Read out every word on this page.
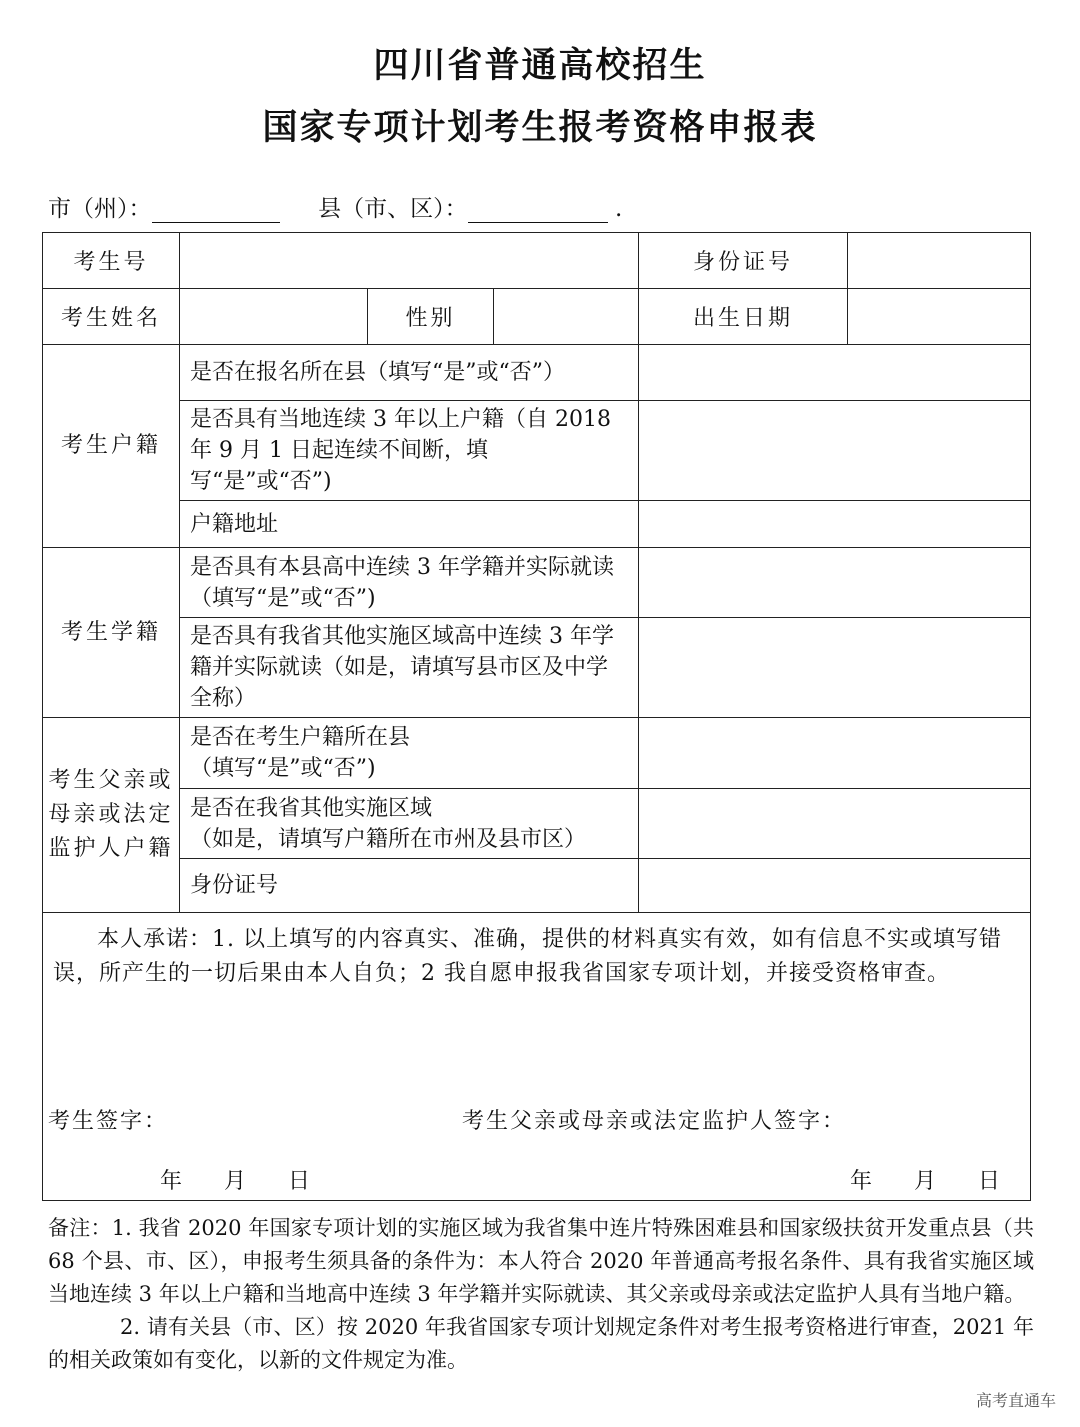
四川省普通高校招生
国家专项计划考生报考资格申报表
市（州）：	县（市、区）：	.
考生号				身份证号	
考生姓名		性别		出生日期	
考生户籍	是否在报名所在县（填写“是”或“否”）				
	是否具有当地连续 3 年以上户籍（自 2018 年 9 月 1 日起连续不间断，填写“是”或“否”)				
	户籍地址				
考生学籍	是否具有本县高中连续 3 年学籍并实际就读（填写“是”或“否”)				
	是否具有我省其他实施区域高中连续 3 年学籍并实际就读（如是，请填写县市区及中学全称）				
考生父亲或母亲或法定监护人户籍	是否在考生户籍所在县
（填写“是”或“否”)				

	是否在我省其他实施区域
（如是，请填写户籍所在市州及县市区）				

	身份证号				

本人承诺：1. 以上填写的内容真实、准确，提供的材料真实有效，如有信息不实或填写错误，所产生的一切后果由本人自负；2 我自愿申报我省国家专项计划，并接受资格审查。					
考生签字：	考生父亲或母亲或法定监护人签字：
年 月 日	年 月 日

备注：1. 我省 2020 年国家专项计划的实施区域为我省集中连片特殊困难县和国家级扶贫开发重点县（共 68 个县、市、区），申报考生须具备的条件为：本人符合 2020 年普通高考报名条件、具有我省实施区域当地连续 3 年以上户籍和当地高中连续 3 年学籍并实际就读、其父亲或母亲或法定监护人具有当地户籍。

2. 请有关县（市、区）按 2020 年我省国家专项计划规定条件对考生报考资格进行审查，2021 年的相关政策如有变化，以新的文件规定为准。

高考直通车
